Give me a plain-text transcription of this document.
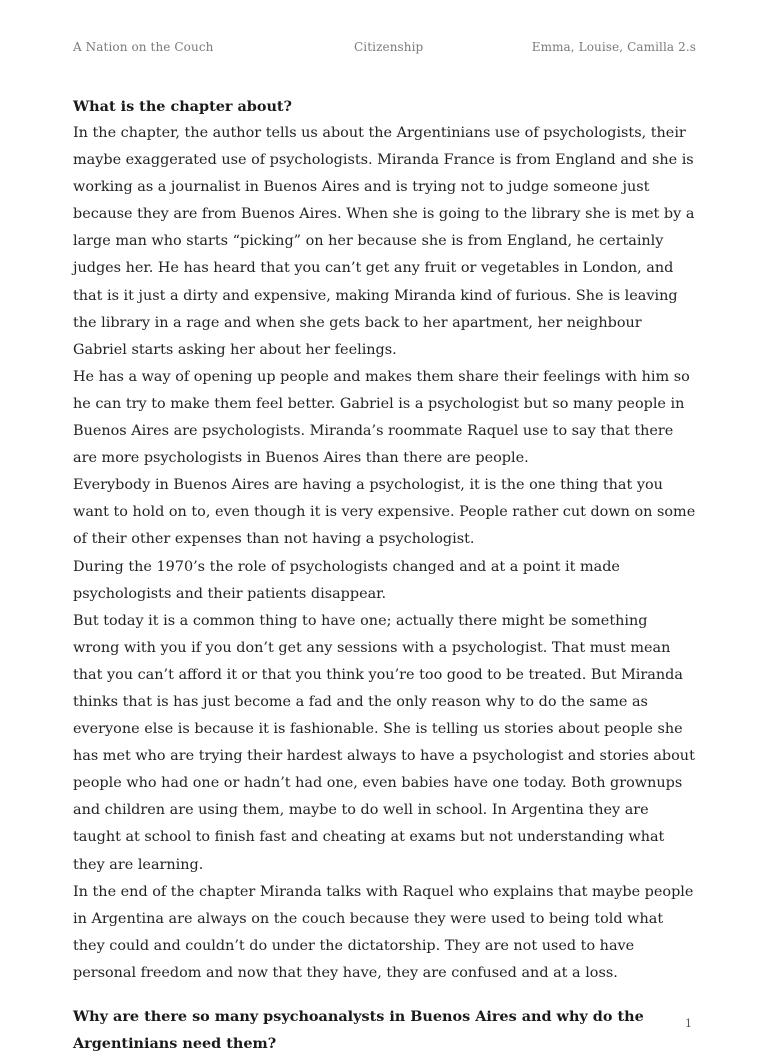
A Nation on the Couch	Citizenship	Emma, Louise, Camilla 2.s

What is the chapter about?

In the chapter, the author tells us about the Argentinians use of psychologists, their maybe exaggerated use of psychologists. Miranda France is from England and she is working as a journalist in Buenos Aires and is trying not to judge someone just because they are from Buenos Aires. When she is going to the library she is met by a large man who starts “picking” on her because she is from England, he certainly judges her. He has heard that you can’t get any fruit or vegetables in London, and that is it just a dirty and expensive, making Miranda kind of furious. She is leaving the library in a rage and when she gets back to her apartment, her neighbour Gabriel starts asking her about her feelings.

He has a way of opening up people and makes them share their feelings with him so he can try to make them feel better. Gabriel is a psychologist but so many people in Buenos Aires are psychologists. Miranda’s roommate Raquel use to say that there are more psychologists in Buenos Aires than there are people.

Everybody in Buenos Aires are having a psychologist, it is the one thing that you want to hold on to, even though it is very expensive. People rather cut down on some of their other expenses than not having a psychologist.

During the 1970’s the role of psychologists changed and at a point it made psychologists and their patients disappear.

But today it is a common thing to have one; actually there might be something wrong with you if you don’t get any sessions with a psychologist. That must mean that you can’t afford it or that you think you’re too good to be treated. But Miranda thinks that is has just become a fad and the only reason why to do the same as everyone else is because it is fashionable. She is telling us stories about people she has met who are trying their hardest always to have a psychologist and stories about people who had one or hadn’t had one, even babies have one today. Both grownups and children are using them, maybe to do well in school. In Argentina they are taught at school to finish fast and cheating at exams but not understanding what they are learning.

In the end of the chapter Miranda talks with Raquel who explains that maybe people in Argentina are always on the couch because they were used to being told what they could and couldn’t do under the dictatorship. They are not used to have personal freedom and now that they have, they are confused and at a loss.

Why are there so many psychoanalysts in Buenos Aires and why do the Argentinians need them?

1
